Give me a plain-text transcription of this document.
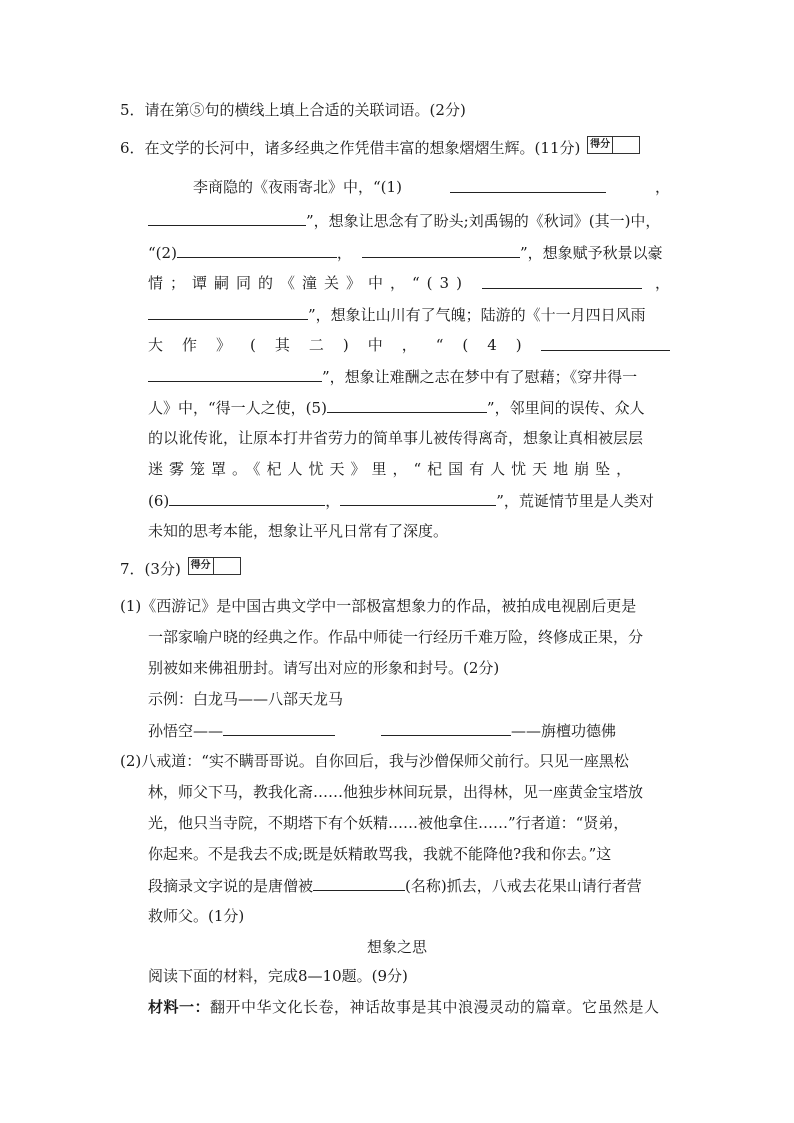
5．请在第⑤句的横线上填上合适的关联词语。(2分)
6．在文学的长河中，诸多经典之作凭借丰富的想象熠熠生辉。(11分) 得分
李商隐的《夜雨寄北》中，“(1)	，
”，想象让思念有了盼头;刘禹锡的《秋词》(其一)中，
“(2)	，	”，想象赋予秋景以豪
情；谭嗣同的《潼关》中，“(3)	，
”，想象让山川有了气魄；陆游的《十一月四日风雨
大作》(其二)中，“(4)
”，想象让难酬之志在梦中有了慰藉；《穿井得一
人》中，“得一人之使，(5)	”，邻里间的误传、众人
的以讹传讹，让原本打井省劳力的简单事儿被传得离奇，想象让真相被层层
迷雾笼罩。《杞人忧天》里，“杞国有人忧天地崩坠，
(6)	，	”，荒诞情节里是人类对
未知的思考本能，想象让平凡日常有了深度。
7．(3分) 得分
(1)《西游记》是中国古典文学中一部极富想象力的作品，被拍成电视剧后更是
一部家喻户晓的经典之作。作品中师徒一行经历千难万险，终修成正果，分
别被如来佛祖册封。请写出对应的形象和封号。(2分)
示例：白龙马——八部天龙马
孙悟空——	——旃檀功德佛
(2)八戒道：“实不瞒哥哥说。自你回后，我与沙僧保师父前行。只见一座黑松
林，师父下马，教我化斋……他独步林间玩景，出得林，见一座黄金宝塔放
光，他只当寺院，不期塔下有个妖精……被他拿住……”行者道：“贤弟，
你起来。不是我去不成;既是妖精敢骂我，我就不能降他?我和你去。”这
段摘录文字说的是唐僧被	(名称)抓去，八戒去花果山请行者营
救师父。(1分)
想象之思
阅读下面的材料，完成8—10题。(9分)
材料一：翻开中华文化长卷，神话故事是其中浪漫灵动的篇章。它虽然是人
